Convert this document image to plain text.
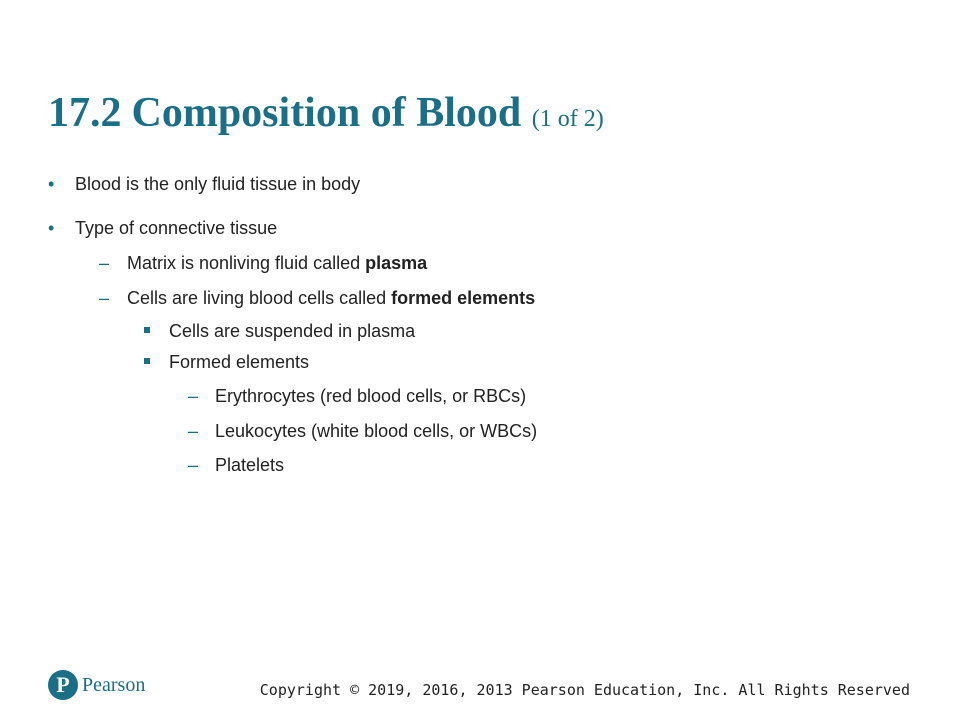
17.2 Composition of Blood (1 of 2)
• Blood is the only fluid tissue in body
• Type of connective tissue
– Matrix is nonliving fluid called plasma
– Cells are living blood cells called formed elements
Cells are suspended in plasma
Formed elements
– Erythrocytes (red blood cells, or RBCs)
– Leukocytes (white blood cells, or WBCs)
– Platelets
P Pearson	Copyright © 2019, 2016, 2013 Pearson Education, Inc. All Rights Reserved
